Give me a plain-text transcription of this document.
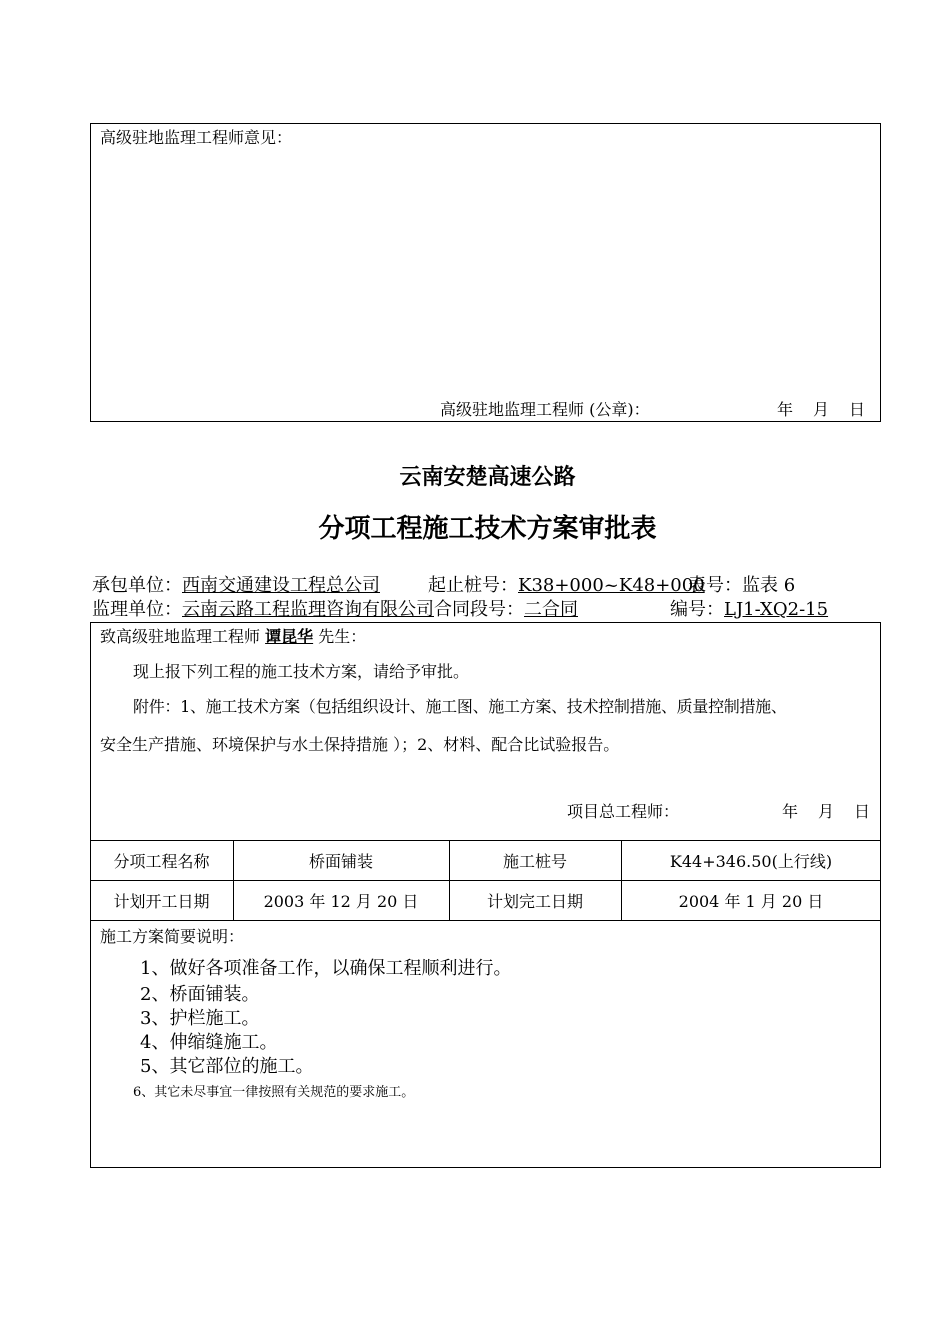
高级驻地监理工程师意见：
高级驻地监理工程师 (公章)：	年　月　日
云南安楚高速公路
分项工程施工技术方案审批表
承包单位：西南交通建设工程总公司	起止桩号：K38+000~K48+000
表号：监表 6
监理单位：云南云路工程监理咨询有限公司合同段号：二合同	编号：LJ1-XQ2-15
致高级驻地监理工程师 谭昆华 先生：
现上报下列工程的施工技术方案，请给予审批。
附件：1、施工技术方案（包括组织设计、施工图、施工方案、技术控制措施、质量控制措施、
安全生产措施、环境保护与水土保持措施 ）；2、材料、配合比试验报告。
项目总工程师：	年　月　日
分项工程名称	桥面铺装	施工桩号	K44+346.50(上行线)
计划开工日期	2003 年 12 月 20 日	计划完工日期	2004 年 1 月 20 日
施工方案简要说明：
1、做好各项准备工作，以确保工程顺利进行。
2、桥面铺装。
3、护栏施工。
4、伸缩缝施工。
5、其它部位的施工。
6、其它未尽事宜一律按照有关规范的要求施工。
